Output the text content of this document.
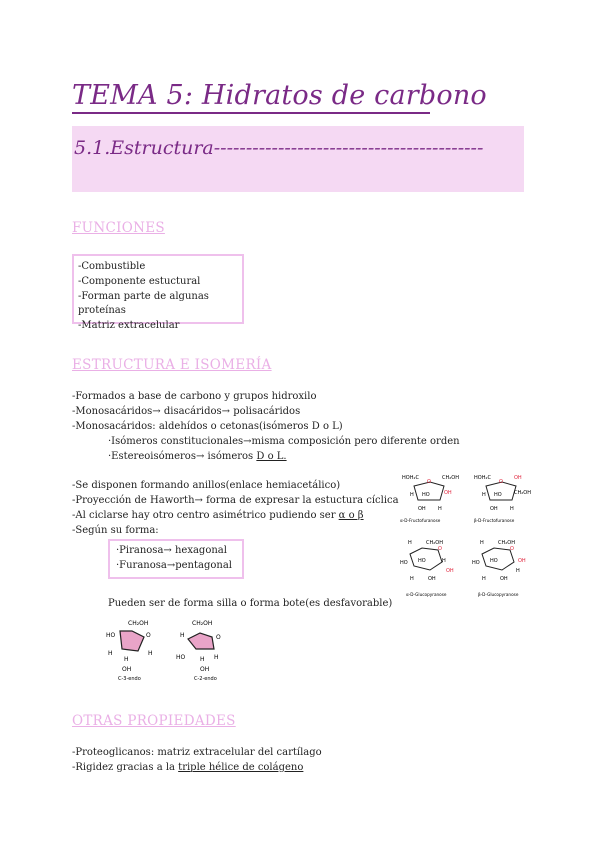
TEMA 5: Hidratos de carbono
5.1.Estructura------------------------------------------
FUNCIONES
-Combustible
-Componente estuctural
-Forman parte de algunas proteínas
-Matriz extracelular
ESTRUCTURA E ISOMERÍA
-Formados a base de carbono y grupos hidroxilo
-Monosacáridos→ disacáridos→ polisacáridos
-Monosacáridos: aldehídos o cetonas(isómeros D o L)
·Isómeros constitucionales→misma composición pero diferente orden
·Estereoisómeros→ isómeros D o L.
-Se disponen formando anillos(enlace hemiacetálico)
-Proyección de Haworth→ forma de expresar la estuctura cíclica
-Al ciclarse hay otro centro asimétrico pudiendo ser α o β
-Según su forma:
·Piranosa→ hexagonal
·Furanosa→pentagonal
Pueden ser de forma silla o forma bote(es desfavorable)
HOH₂C	CH₂OH
O
H HO	OH
OH H
α-D-Fructofuranose
HOH₂C	OH
O
H HO CH₂OH
OH H
β-D-Fructofuranose
H	CH₂OH
O
HO HO	H
OH
H	OH
α-D-Glucopyranose
H	CH₂OH
O
HO HO	OH
H
H	OH
β-D-Glucopyranose
HO
CH₂OH
O
H
H
H
OH
C-3-endo
CH₂OH
H	O
HO H H
OH
C-2-endo
OTRAS PROPIEDADES
-Proteoglicanos: matriz extracelular del cartílago
-Rigidez gracias a la triple hélice de colágeno
